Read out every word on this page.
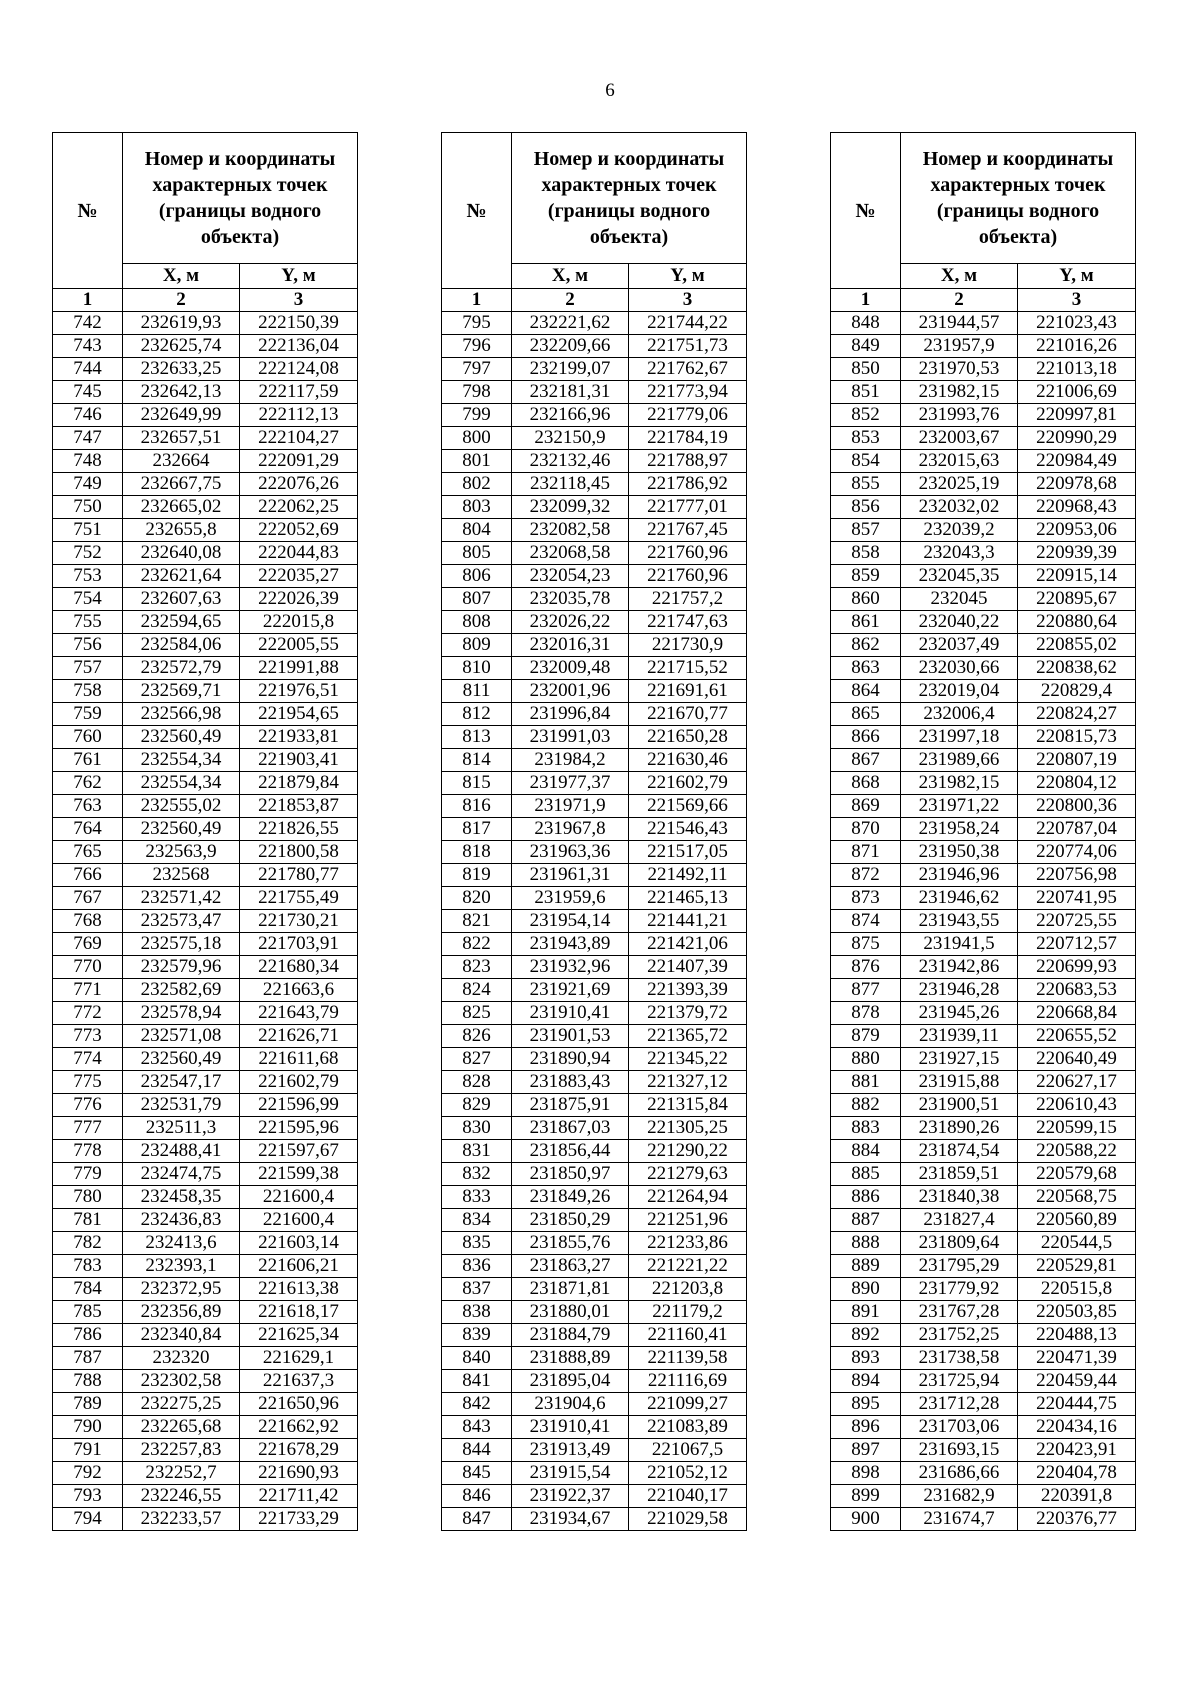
6
№	Номер и координаты характерных точек (границы водного объекта)	
	X, м	Y, м
1	2	3
742	232619,93	222150,39
743	232625,74	222136,04
744	232633,25	222124,08
745	232642,13	222117,59
746	232649,99	222112,13
747	232657,51	222104,27
748	232664	222091,29
749	232667,75	222076,26
750	232665,02	222062,25
751	232655,8	222052,69
752	232640,08	222044,83
753	232621,64	222035,27
754	232607,63	222026,39
755	232594,65	222015,8
756	232584,06	222005,55
757	232572,79	221991,88
758	232569,71	221976,51
759	232566,98	221954,65
760	232560,49	221933,81
761	232554,34	221903,41
762	232554,34	221879,84
763	232555,02	221853,87
764	232560,49	221826,55
765	232563,9	221800,58
766	232568	221780,77
767	232571,42	221755,49
768	232573,47	221730,21
769	232575,18	221703,91
770	232579,96	221680,34
771	232582,69	221663,6
772	232578,94	221643,79
773	232571,08	221626,71
774	232560,49	221611,68
775	232547,17	221602,79
776	232531,79	221596,99
777	232511,3	221595,96
778	232488,41	221597,67
779	232474,75	221599,38
780	232458,35	221600,4
781	232436,83	221600,4
782	232413,6	221603,14
783	232393,1	221606,21
784	232372,95	221613,38
785	232356,89	221618,17
786	232340,84	221625,34
787	232320	221629,1
788	232302,58	221637,3
789	232275,25	221650,96
790	232265,68	221662,92
791	232257,83	221678,29
792	232252,7	221690,93
793	232246,55	221711,42
794	232233,57	221733,29
№	Номер и координаты характерных точек (границы водного объекта)	
	X, м	Y, м
1	2	3
795	232221,62	221744,22
796	232209,66	221751,73
797	232199,07	221762,67
798	232181,31	221773,94
799	232166,96	221779,06
800	232150,9	221784,19
801	232132,46	221788,97
802	232118,45	221786,92
803	232099,32	221777,01
804	232082,58	221767,45
805	232068,58	221760,96
806	232054,23	221760,96
807	232035,78	221757,2
808	232026,22	221747,63
809	232016,31	221730,9
810	232009,48	221715,52
811	232001,96	221691,61
812	231996,84	221670,77
813	231991,03	221650,28
814	231984,2	221630,46
815	231977,37	221602,79
816	231971,9	221569,66
817	231967,8	221546,43
818	231963,36	221517,05
819	231961,31	221492,11
820	231959,6	221465,13
821	231954,14	221441,21
822	231943,89	221421,06
823	231932,96	221407,39
824	231921,69	221393,39
825	231910,41	221379,72
826	231901,53	221365,72
827	231890,94	221345,22
828	231883,43	221327,12
829	231875,91	221315,84
830	231867,03	221305,25
831	231856,44	221290,22
832	231850,97	221279,63
833	231849,26	221264,94
834	231850,29	221251,96
835	231855,76	221233,86
836	231863,27	221221,22
837	231871,81	221203,8
838	231880,01	221179,2
839	231884,79	221160,41
840	231888,89	221139,58
841	231895,04	221116,69
842	231904,6	221099,27
843	231910,41	221083,89
844	231913,49	221067,5
845	231915,54	221052,12
846	231922,37	221040,17
847	231934,67	221029,58
№	Номер и координаты характерных точек (границы водного объекта)	
	X, м	Y, м
1	2	3
848	231944,57	221023,43
849	231957,9	221016,26
850	231970,53	221013,18
851	231982,15	221006,69
852	231993,76	220997,81
853	232003,67	220990,29
854	232015,63	220984,49
855	232025,19	220978,68
856	232032,02	220968,43
857	232039,2	220953,06
858	232043,3	220939,39
859	232045,35	220915,14
860	232045	220895,67
861	232040,22	220880,64
862	232037,49	220855,02
863	232030,66	220838,62
864	232019,04	220829,4
865	232006,4	220824,27
866	231997,18	220815,73
867	231989,66	220807,19
868	231982,15	220804,12
869	231971,22	220800,36
870	231958,24	220787,04
871	231950,38	220774,06
872	231946,96	220756,98
873	231946,62	220741,95
874	231943,55	220725,55
875	231941,5	220712,57
876	231942,86	220699,93
877	231946,28	220683,53
878	231945,26	220668,84
879	231939,11	220655,52
880	231927,15	220640,49
881	231915,88	220627,17
882	231900,51	220610,43
883	231890,26	220599,15
884	231874,54	220588,22
885	231859,51	220579,68
886	231840,38	220568,75
887	231827,4	220560,89
888	231809,64	220544,5
889	231795,29	220529,81
890	231779,92	220515,8
891	231767,28	220503,85
892	231752,25	220488,13
893	231738,58	220471,39
894	231725,94	220459,44
895	231712,28	220444,75
896	231703,06	220434,16
897	231693,15	220423,91
898	231686,66	220404,78
899	231682,9	220391,8
900	231674,7	220376,77
